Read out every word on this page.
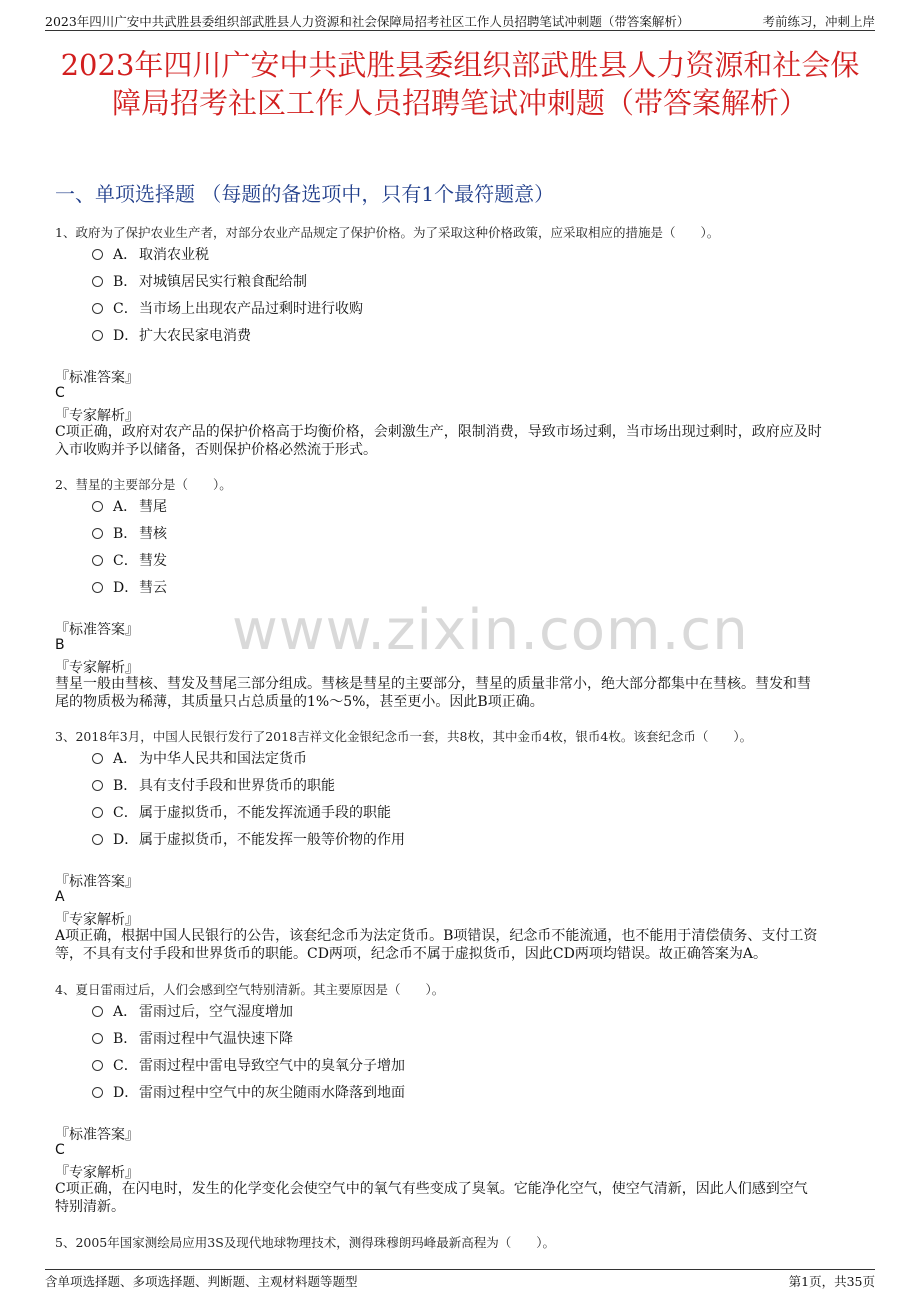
2023年四川广安中共武胜县委组织部武胜县人力资源和社会保障局招考社区工作人员招聘笔试冲刺题（带答案解析）	考前练习，冲刺上岸
2023年四川广安中共武胜县委组织部武胜县人力资源和社会保
障局招考社区工作人员招聘笔试冲刺题（带答案解析）
一、单项选择题 （每题的备选项中，只有1个最符题意）
www.zixin.com.cn
1、政府为了保护农业生产者，对部分农业产品规定了保护价格。为了采取这种价格政策，应采取相应的措施是（　　）。
A． 取消农业税
B． 对城镇居民实行粮食配给制
C．当市场上出现农产品过剩时进行收购
D．扩大农民家电消费
『标准答案』
C
『专家解析』
C项正确，政府对农产品的保护价格高于均衡价格，会刺激生产，限制消费，导致市场过剩，当市场出现过剩时，政府应及时
入市收购并予以储备，否则保护价格必然流于形式。
2、彗星的主要部分是（　　）。
A． 彗尾
B． 彗核
C．彗发
D．彗云
『标准答案』
B
『专家解析』
彗星一般由彗核、彗发及彗尾三部分组成。彗核是彗星的主要部分，彗星的质量非常小，绝大部分都集中在彗核。彗发和彗
尾的物质极为稀薄，其质量只占总质量的1%～5%，甚至更小。因此B项正确。
3、2018年3月，中国人民银行发行了2018吉祥文化金银纪念币一套，共8枚，其中金币4枚，银币4枚。该套纪念币（　　）。
A． 为中华人民共和国法定货币
B． 具有支付手段和世界货币的职能
C．属于虚拟货币，不能发挥流通手段的职能
D．属于虚拟货币，不能发挥一般等价物的作用
『标准答案』
A
『专家解析』
A项正确，根据中国人民银行的公告，该套纪念币为法定货币。B项错误，纪念币不能流通，也不能用于清偿债务、支付工资
等，不具有支付手段和世界货币的职能。CD两项，纪念币不属于虚拟货币，因此CD两项均错误。故正确答案为A。
4、夏日雷雨过后，人们会感到空气特别清新。其主要原因是（　　）。
A． 雷雨过后，空气湿度增加
B． 雷雨过程中气温快速下降
C．雷雨过程中雷电导致空气中的臭氧分子增加
D．雷雨过程中空气中的灰尘随雨水降落到地面
『标准答案』
C
『专家解析』
C项正确，在闪电时，发生的化学变化会使空气中的氧气有些变成了臭氧。它能净化空气，使空气清新，因此人们感到空气
特别清新。
5、2005年国家测绘局应用3S及现代地球物理技术，测得珠穆朗玛峰最新高程为（　　）。
含单项选择题、多项选择题、判断题、主观材料题等题型	第1页，共35页
